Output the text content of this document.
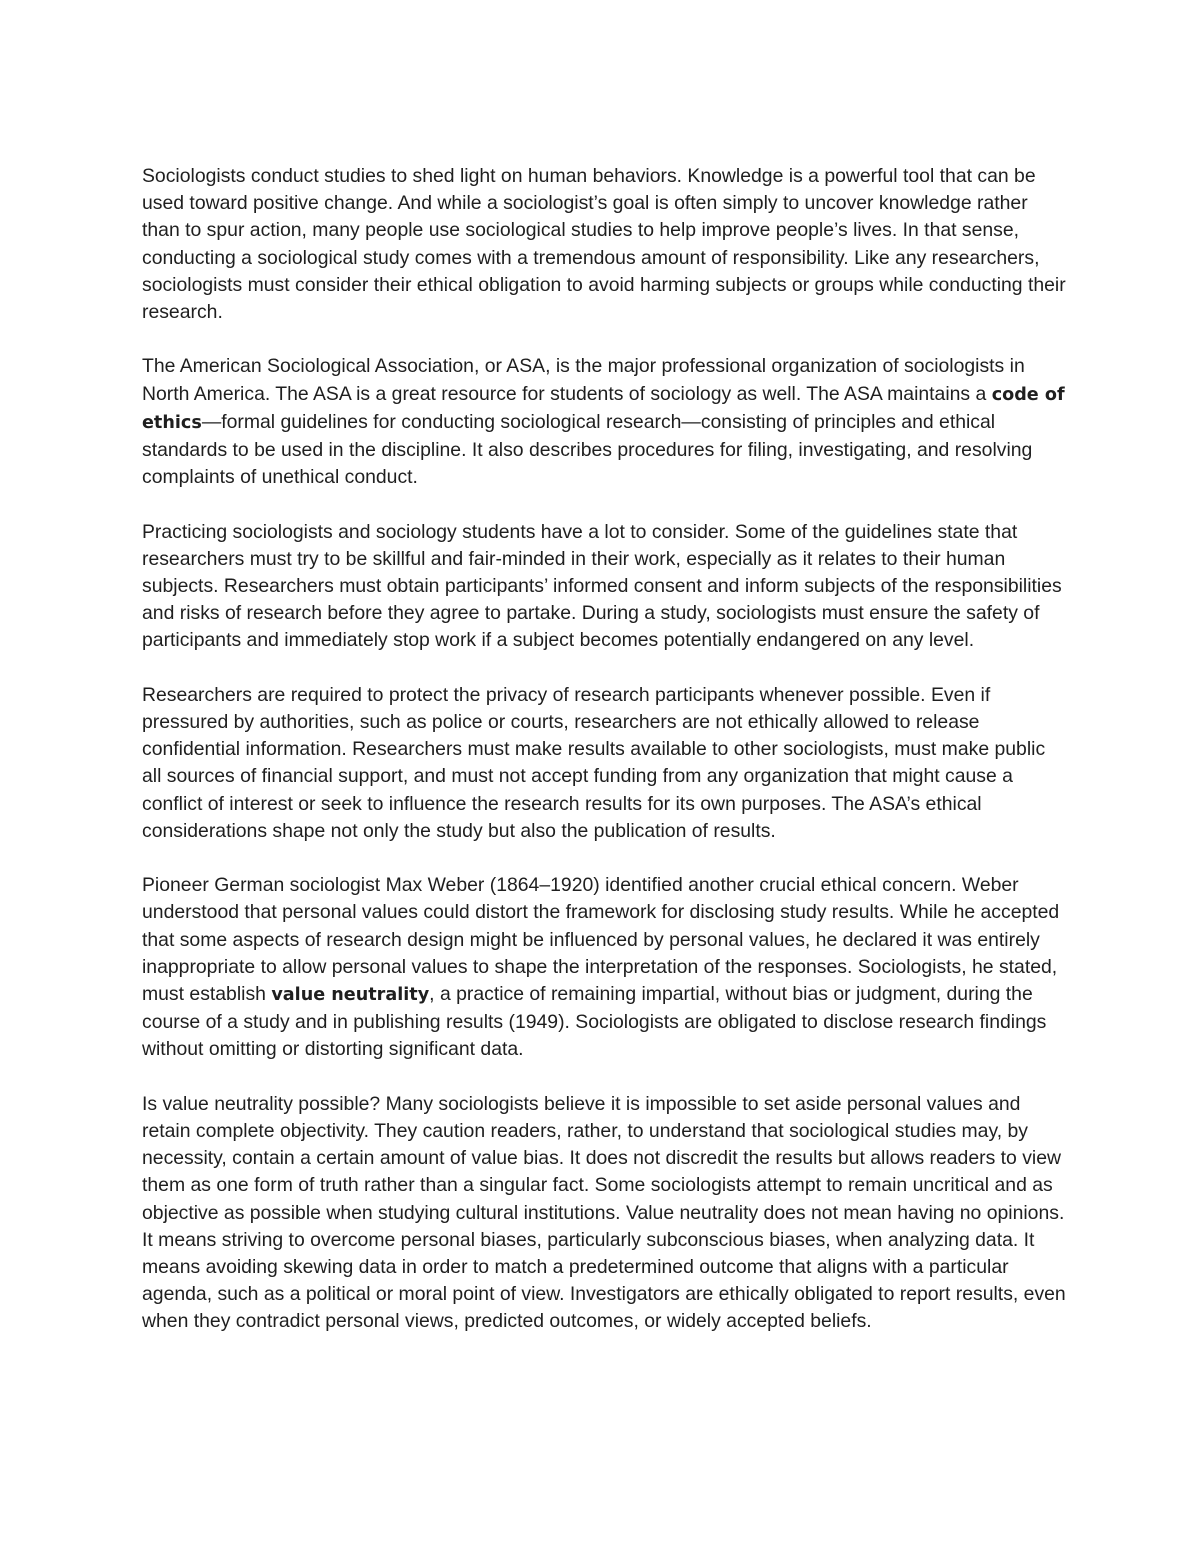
Sociologists conduct studies to shed light on human behaviors. Knowledge is a powerful tool that can be used toward positive change. And while a sociologist’s goal is often simply to uncover knowledge rather than to spur action, many people use sociological studies to help improve people’s lives. In that sense, conducting a sociological study comes with a tremendous amount of responsibility. Like any researchers, sociologists must consider their ethical obligation to avoid harming subjects or groups while conducting their research.

The American Sociological Association, or ASA, is the major professional organization of sociologists in North America. The ASA is a great resource for students of sociology as well. The ASA maintains a code of ethics—formal guidelines for conducting sociological research—consisting of principles and ethical standards to be used in the discipline. It also describes procedures for filing, investigating, and resolving complaints of unethical conduct.

Practicing sociologists and sociology students have a lot to consider. Some of the guidelines state that researchers must try to be skillful and fair-minded in their work, especially as it relates to their human subjects. Researchers must obtain participants’ informed consent and inform subjects of the responsibilities and risks of research before they agree to partake. During a study, sociologists must ensure the safety of participants and immediately stop work if a subject becomes potentially endangered on any level.

Researchers are required to protect the privacy of research participants whenever possible. Even if pressured by authorities, such as police or courts, researchers are not ethically allowed to release confidential information. Researchers must make results available to other sociologists, must make public all sources of financial support, and must not accept funding from any organization that might cause a conflict of interest or seek to influence the research results for its own purposes. The ASA’s ethical considerations shape not only the study but also the publication of results.

Pioneer German sociologist Max Weber (1864–1920) identified another crucial ethical concern. Weber understood that personal values could distort the framework for disclosing study results. While he accepted that some aspects of research design might be influenced by personal values, he declared it was entirely inappropriate to allow personal values to shape the interpretation of the responses. Sociologists, he stated, must establish value neutrality, a practice of remaining impartial, without bias or judgment, during the course of a study and in publishing results (1949). Sociologists are obligated to disclose research findings without omitting or distorting significant data.

Is value neutrality possible? Many sociologists believe it is impossible to set aside personal values and retain complete objectivity. They caution readers, rather, to understand that sociological studies may, by necessity, contain a certain amount of value bias. It does not discredit the results but allows readers to view them as one form of truth rather than a singular fact. Some sociologists attempt to remain uncritical and as objective as possible when studying cultural institutions. Value neutrality does not mean having no opinions. It means striving to overcome personal biases, particularly subconscious biases, when analyzing data. It means avoiding skewing data in order to match a predetermined outcome that aligns with a particular agenda, such as a political or moral point of view. Investigators are ethically obligated to report results, even when they contradict personal views, predicted outcomes, or widely accepted beliefs.
